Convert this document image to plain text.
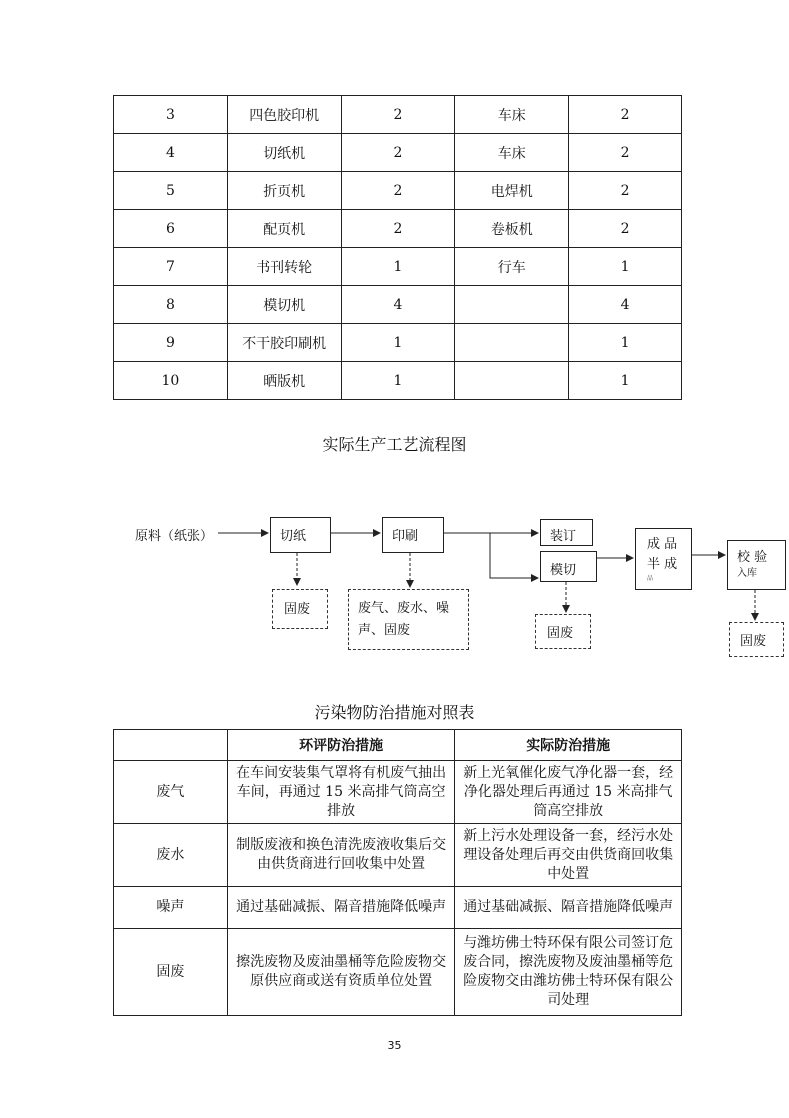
3	四色胶印机	2	车床	2
4	切纸机	2	车床	2
5	折页机	2	电焊机	2
6	配页机	2	卷板机	2
7	书刊转轮	1	行车	1
8	模切机	4		4
9	不干胶印刷机	1		1
10	晒版机	1		1
实际生产工艺流程图
原料（纸张）	切纸	印刷	装订
模切
成 品
半 成
品
校 验
入库
固废	废气、废水、噪
声、固废	固废
固废
污染物防治措施对照表
	环评防治措施	实际防治措施
废气	在车间安装集气罩将有机废气抽出车间，再通过 15 米高排气筒高空排放	新上光氧催化废气净化器一套，经净化器处理后再通过 15 米高排气筒高空排放
废水	制版废液和换色清洗废液收集后交由供货商进行回收集中处置	新上污水处理设备一套，经污水处理设备处理后再交由供货商回收集中处置
噪声	通过基础减振、隔音措施降低噪声	通过基础减振、隔音措施降低噪声
固废	擦洗废物及废油墨桶等危险废物交原供应商或送有资质单位处置	与潍坊佛士特环保有限公司签订危废合同，擦洗废物及废油墨桶等危险废物交由潍坊佛士特环保有限公司处理
35
